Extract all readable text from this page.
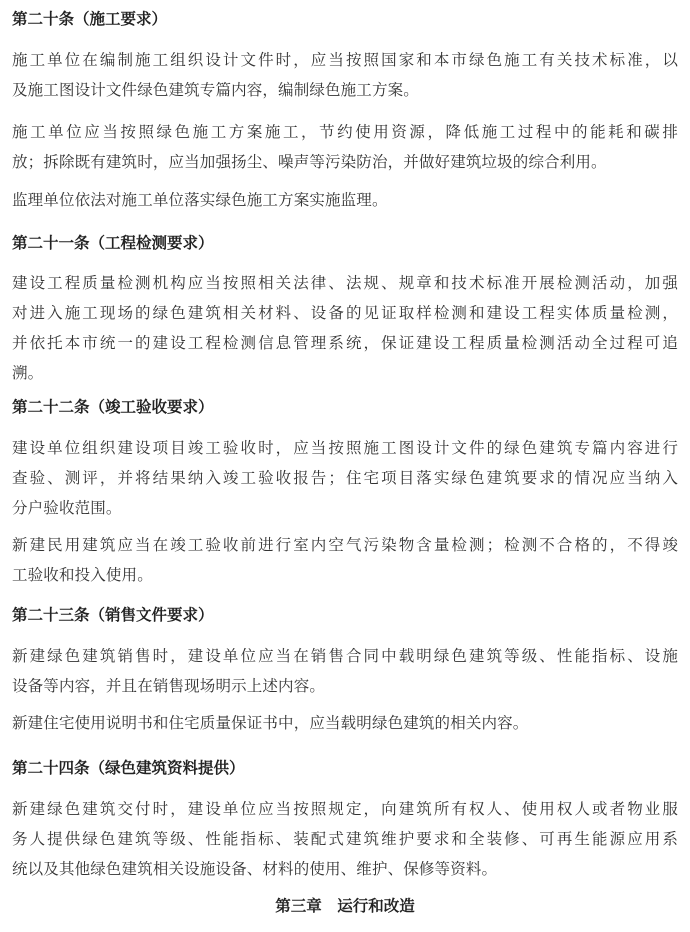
第二十条（施工要求）

施工单位在编制施工组织设计文件时，应当按照国家和本市绿色施工有关技术标准，以
及施工图设计文件绿色建筑专篇内容，编制绿色施工方案。
施工单位应当按照绿色施工方案施工，节约使用资源，降低施工过程中的能耗和碳排
放；拆除既有建筑时，应当加强扬尘、噪声等污染防治，并做好建筑垃圾的综合利用。
监理单位依法对施工单位落实绿色施工方案实施监理。

第二十一条（工程检测要求）

建设工程质量检测机构应当按照相关法律、法规、规章和技术标准开展检测活动，加强
对进入施工现场的绿色建筑相关材料、设备的见证取样检测和建设工程实体质量检测，
并依托本市统一的建设工程检测信息管理系统，保证建设工程质量检测活动全过程可追
溯。

第二十二条（竣工验收要求）

建设单位组织建设项目竣工验收时，应当按照施工图设计文件的绿色建筑专篇内容进行
查验、测评，并将结果纳入竣工验收报告；住宅项目落实绿色建筑要求的情况应当纳入
分户验收范围。
新建民用建筑应当在竣工验收前进行室内空气污染物含量检测；检测不合格的，不得竣
工验收和投入使用。

第二十三条（销售文件要求）

新建绿色建筑销售时，建设单位应当在销售合同中载明绿色建筑等级、性能指标、设施
设备等内容，并且在销售现场明示上述内容。
新建住宅使用说明书和住宅质量保证书中，应当载明绿色建筑的相关内容。

第二十四条（绿色建筑资料提供）

新建绿色建筑交付时，建设单位应当按照规定，向建筑所有权人、使用权人或者物业服
务人提供绿色建筑等级、性能指标、装配式建筑维护要求和全装修、可再生能源应用系
统以及其他绿色建筑相关设施设备、材料的使用、维护、保修等资料。

第三章　运行和改造
